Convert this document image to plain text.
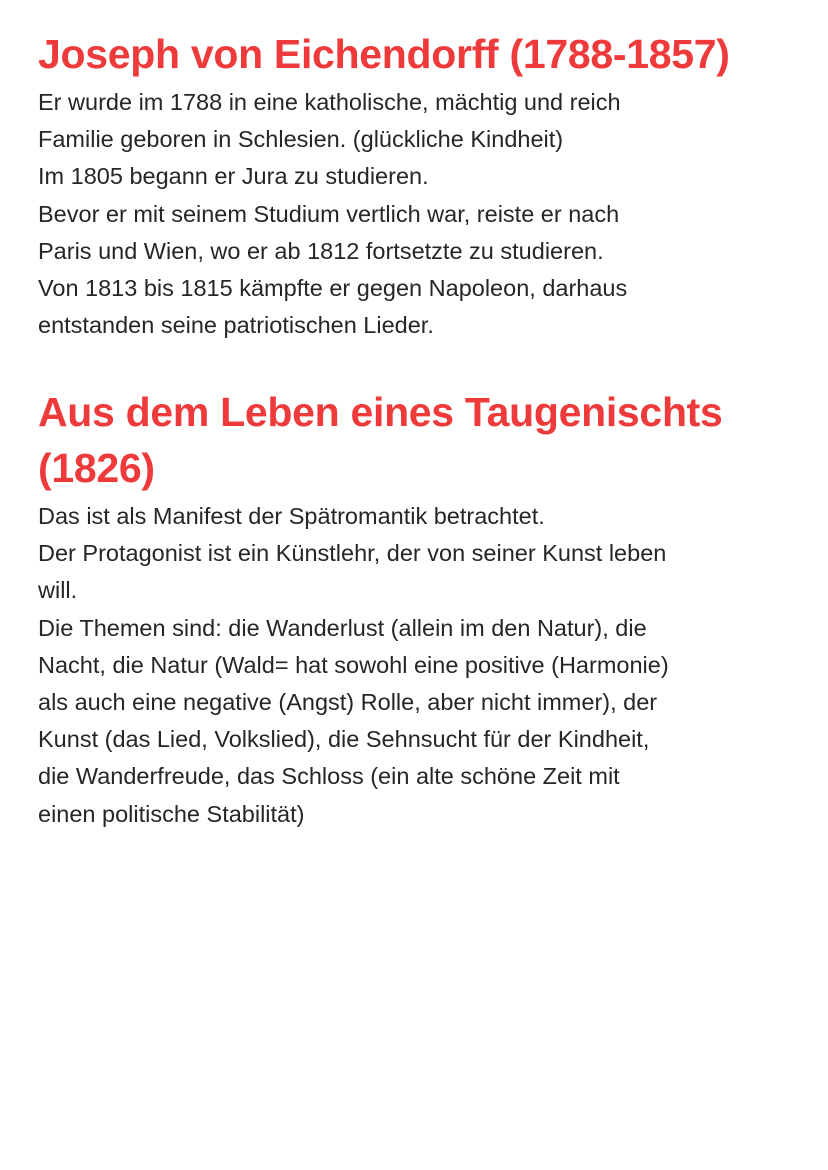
Joseph von Eichendorff (1788-1857)

Er wurde im 1788 in eine katholische, mächtig und reich
Familie geboren in Schlesien. (glückliche Kindheit)
Im 1805 begann er Jura zu studieren.
Bevor er mit seinem Studium vertlich war, reiste er nach
Paris und Wien, wo er ab 1812 fortsetzte zu studieren.
Von 1813 bis 1815 kämpfte er gegen Napoleon, darhaus
entstanden seine patriotischen Lieder.

Aus dem Leben eines Taugenischts
(1826)

Das ist als Manifest der Spätromantik betrachtet.
Der Protagonist ist ein Künstlehr, der von seiner Kunst leben
will.
Die Themen sind: die Wanderlust (allein im den Natur), die
Nacht, die Natur (Wald= hat sowohl eine positive (Harmonie)
als auch eine negative (Angst) Rolle, aber nicht immer), der
Kunst (das Lied, Volkslied), die Sehnsucht für der Kindheit,
die Wanderfreude, das Schloss (ein alte schöne Zeit mit
einen politische Stabilität)
